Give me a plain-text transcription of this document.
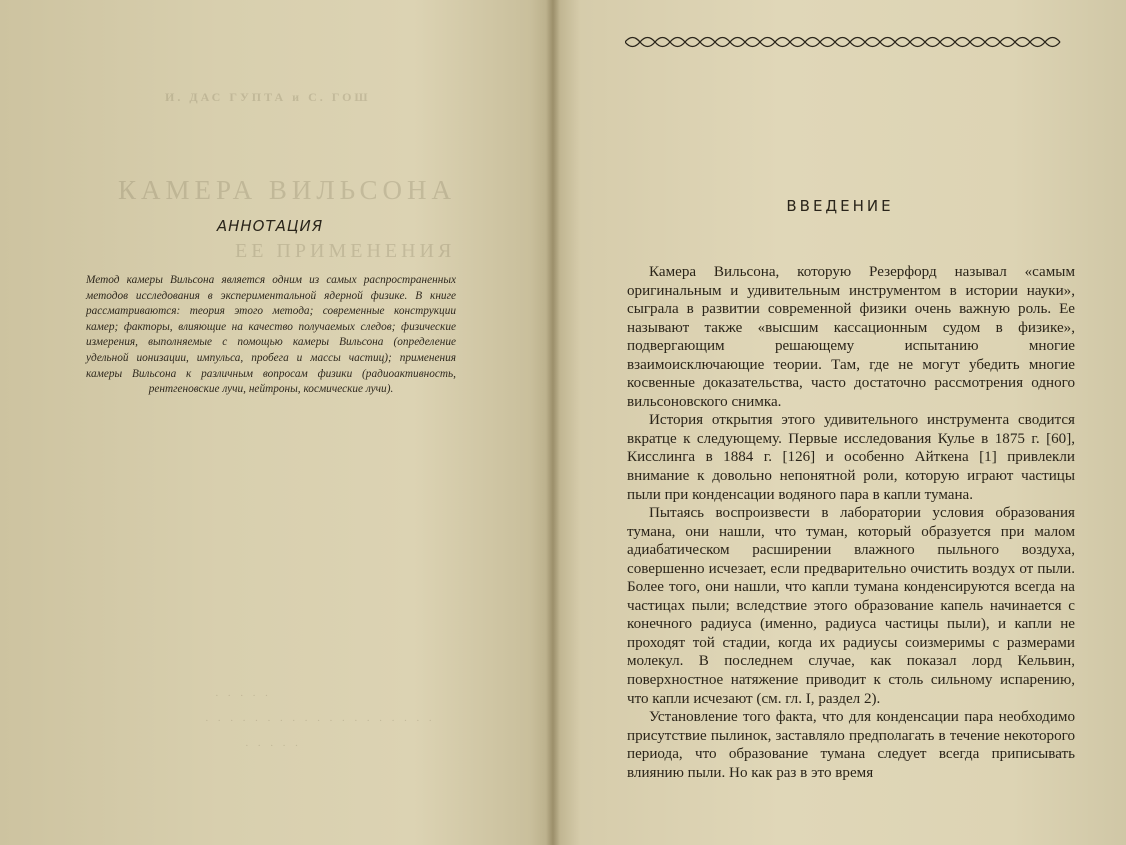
И. ДАС ГУПТА и С. ГОШ
КАМЕРА ВИЛЬСОНА
ЕЕ ПРИМЕНЕНИЯ
· · · · ·
· · · · · · · · · · · · · · · · · · ·
· · · · ·
АННОТАЦИЯ
Метод камеры Вильсона является одним из самых распространенных методов исследования в экспериментальной ядерной физике. В книге рассматриваются: теория этого метода; современные конструкции камер; факторы, влияющие на качество получаемых следов; физические измерения, выполняемые с помощью камеры Вильсона (определение удельной ионизации, импульса, пробега и массы частиц); применения камеры Вильсона к различным вопросам физики (радиоактивность, рентгеновские лучи, нейтроны, космические лучи).
ВВЕДЕНИЕ

Камера Вильсона, которую Резерфорд называл «самым оригинальным и удивительным инструментом в истории науки», сыграла в развитии современной физики очень важную роль. Ее называют также «высшим кассационным судом в физике», подвергающим решающему испытанию многие взаимоисключающие теории. Там, где не могут убедить многие косвенные доказательства, часто достаточно рассмотрения одного вильсоновского снимка.

История открытия этого удивительного инструмента сводится вкратце к следующему. Первые исследования Кулье в 1875 г. [60], Кисслинга в 1884 г. [126] и особенно Айткена [1] привлекли внимание к довольно непонятной роли, которую играют частицы пыли при конденсации водяного пара в капли тумана.

Пытаясь воспроизвести в лаборатории условия образования тумана, они нашли, что туман, который образуется при малом адиабатическом расширении влажного пыльного воздуха, совершенно исчезает, если предварительно очистить воздух от пыли. Более того, они нашли, что капли тумана конденсируются всегда на частицах пыли; вследствие этого образование капель начинается с конечного радиуса (именно, радиуса частицы пыли), и капли не проходят той стадии, когда их радиусы соизмеримы с размерами молекул. В последнем случае, как показал лорд Кельвин, поверхностное натяжение приводит к столь сильному испарению, что капли исчезают (см. гл. I, раздел 2).

Установление того факта, что для конденсации пара необходимо присутствие пылинок, заставляло предполагать в течение некоторого периода, что образование тумана следует всегда приписывать влиянию пыли. Но как раз в это время
